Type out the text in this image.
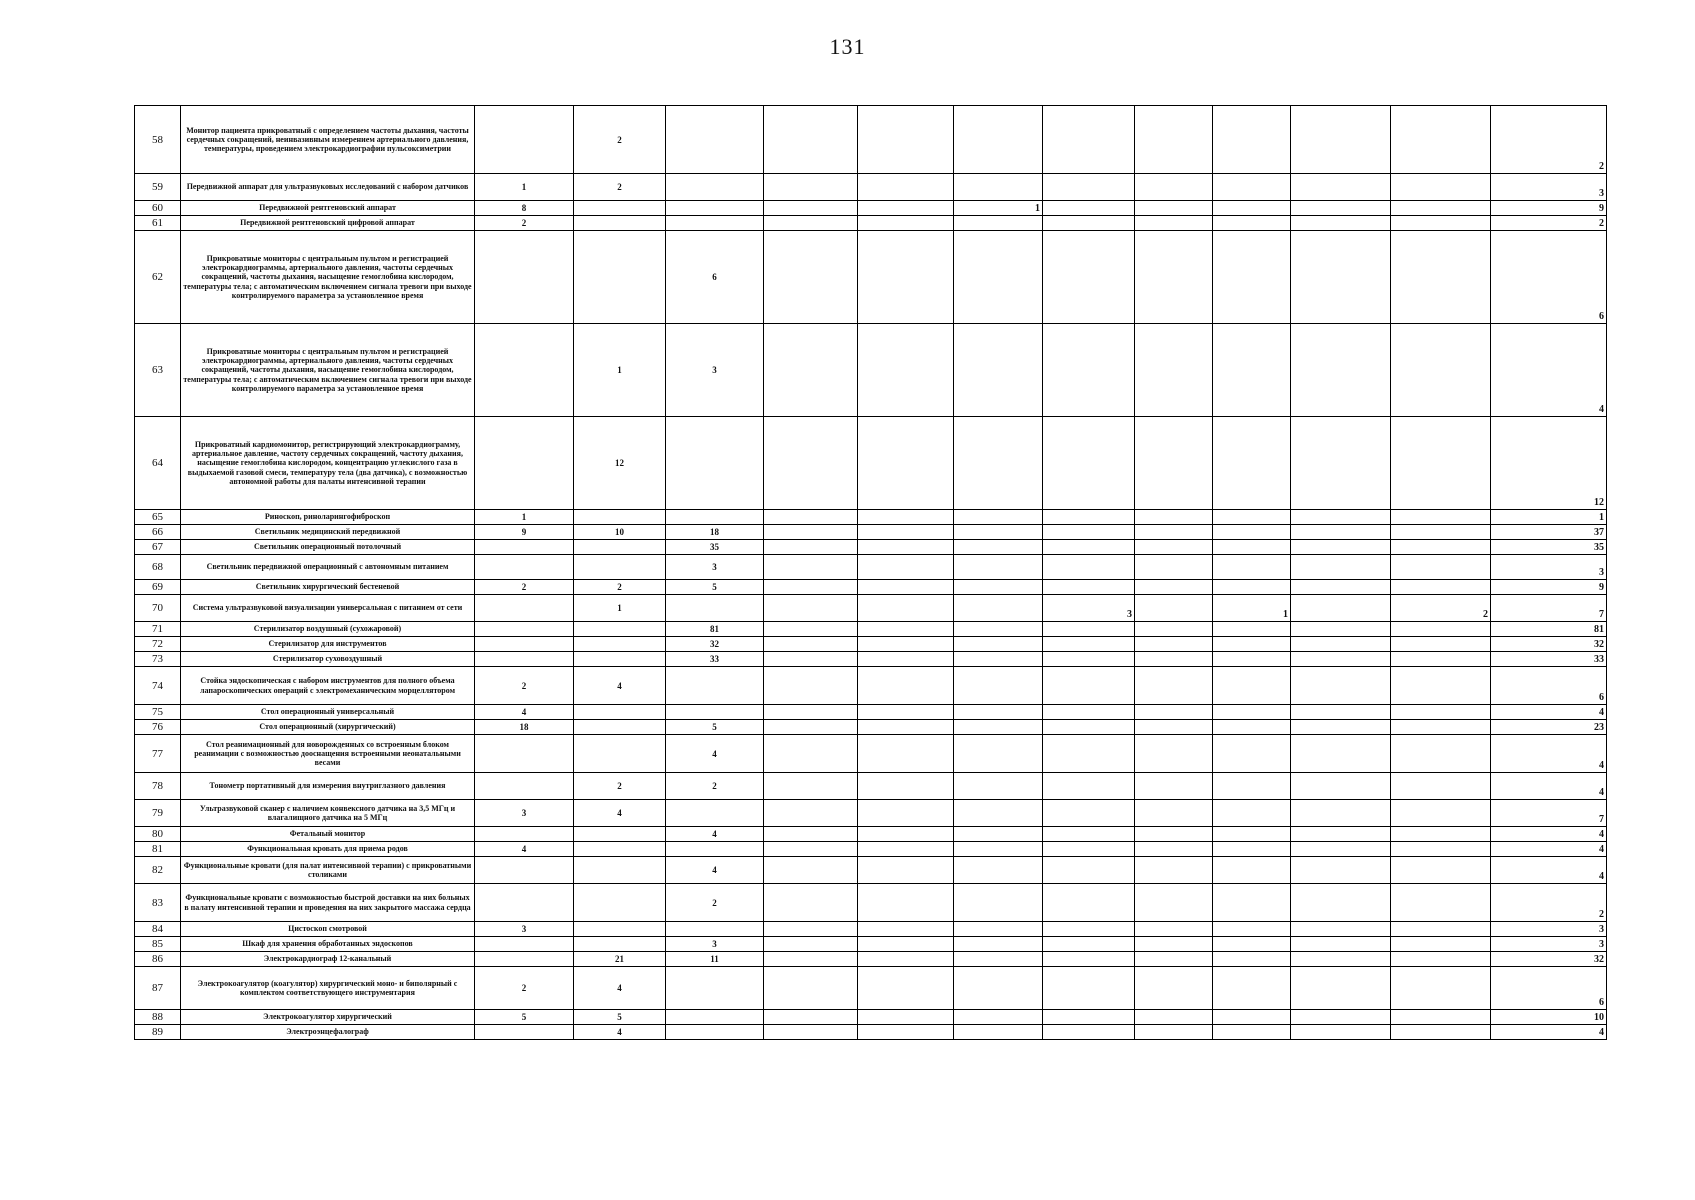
131
58	Монитор пациента прикроватный с определением частоты дыхания, частоты сердечных сокращений, неинвазивным измерением артериального давления, температуры, проведением электрокардиографии пульсоксиметрии		2										2
59	Передвижной аппарат для ультразвуковых исследований с набором датчиков	1	2										3
60	Передвижной рентгеновский аппарат	8					1						9
61	Передвижной рентгеновский цифровой аппарат	2											2
62	Прикроватные мониторы с центральным пультом и регистрацией электрокардиограммы, артериального давления, частоты сердечных сокращений, частоты дыхания, насыщение гемоглобина кислородом, температуры тела; с автоматическим включением сигнала тревоги при выходе контролируемого параметра за установленное время			6									6
63	Прикроватные мониторы с центральным пультом и регистрацией электрокардиограммы, артериального давления, частоты сердечных сокращений, частоты дыхания, насыщение гемоглобина кислородом, температуры тела; с автоматическим включением сигнала тревоги при выходе контролируемого параметра за установленное время		1	3									4
64	Прикроватный кардиомонитор, регистрирующий электрокардиограмму, артериальное давление, частоту сердечных сокращений, частоту дыхания, насыщение гемоглобина кислородом, концентрацию углекислого газа в выдыхаемой газовой смеси, температуру тела (два датчика), с возможностью автономной работы для палаты интенсивной терапии		12										12
65	Риноскоп, риноларингофиброскоп	1											1
66	Светильник медицинский передвижной	9	10	18									37
67	Светильник операционный потолочный			35									35
68	Светильник передвижной операционный с автономным питанием			3									3
69	Светильник хирургический бестеневой	2	2	5									9
70	Система ультразвуковой визуализации универсальная с питанием от сети		1					3		1		2	7
71	Стерилизатор воздушный (сухожаровой)			81									81
72	Стерилизатор для инструментов			32									32
73	Стерилизатор суховоздушный			33									33
74	Стойка эндоскопическая с набором инструментов для полного объема лапароскопических операций с электромеханическим морцеллятором	2	4										6
75	Стол операционный универсальный	4											4
76	Стол операционный (хирургический)	18		5									23
77	Стол реанимационный для новорожденных со встроенным блоком реанимации с возможностью дооснащения встроенными неонатальными весами			4									4
78	Тонометр портативный для измерения внутриглазного давления		2	2									4
79	Ультразвуковой сканер с наличием конвексного датчика на 3,5 МГц и влагалищного датчика на 5 МГц	3	4										7
80	Фетальный монитор			4									4
81	Функциональная кровать для приема родов	4											4
82	Функциональные кровати (для палат интенсивной терапии) с прикроватными столиками			4									4
83	Функциональные кровати с возможностью быстрой доставки на них больных в палату интенсивной терапии и проведения на них закрытого массажа сердца			2									2
84	Цистоскоп смотровой	3											3
85	Шкаф для хранения обработанных эндоскопов			3									3
86	Электрокардиограф 12-канальный		21	11									32
87	Электрокоагулятор (коагулятор) хирургический моно- и биполярный с комплектом соответствующего инструментария	2	4										6
88	Электрокоагулятор хирургический	5	5										10
89	Электроэнцефалограф		4										4
